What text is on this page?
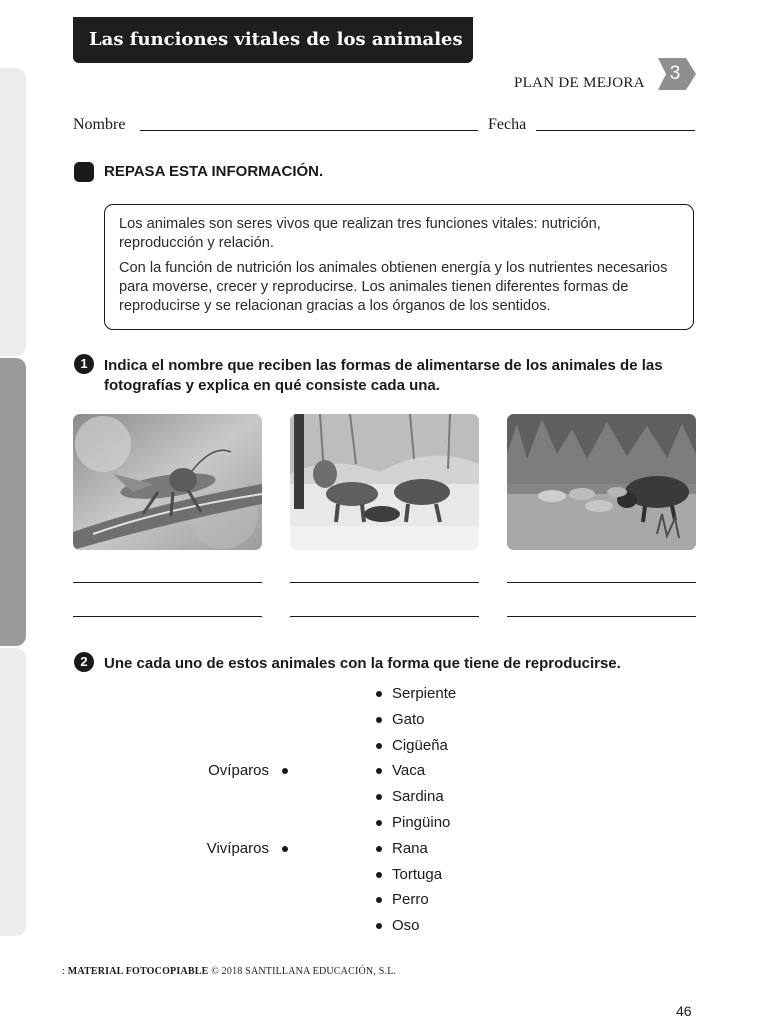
Las funciones vitales de los animales
PLAN DE MEJORA	3
Nombre	Fecha
REPASA ESTA INFORMACIÓN.

Los animales son seres vivos que realizan tres funciones vitales: nutrición, reproducción y relación.

Con la función de nutrición los animales obtienen energía y los nutrientes necesarios para moverse, crecer y reproducirse. Los animales tienen diferentes formas de reproducirse y se relacionan gracias a los órganos de los sentidos.

1	Indica el nombre que reciben las formas de alimentarse de los animales de las fotografías y explica en qué consiste cada una.
2	Une cada uno de estos animales con la forma que tiene de reproducirse.
Ovíparos
Vivíparos
Serpiente
Gato
Cigüeña
Vaca
Sardina
Pingüino
Rana
Tortuga
Perro
Oso
: MATERIAL FOTOCOPIABLE © 2018 SANTILLANA EDUCACIÓN, S.L.
46
